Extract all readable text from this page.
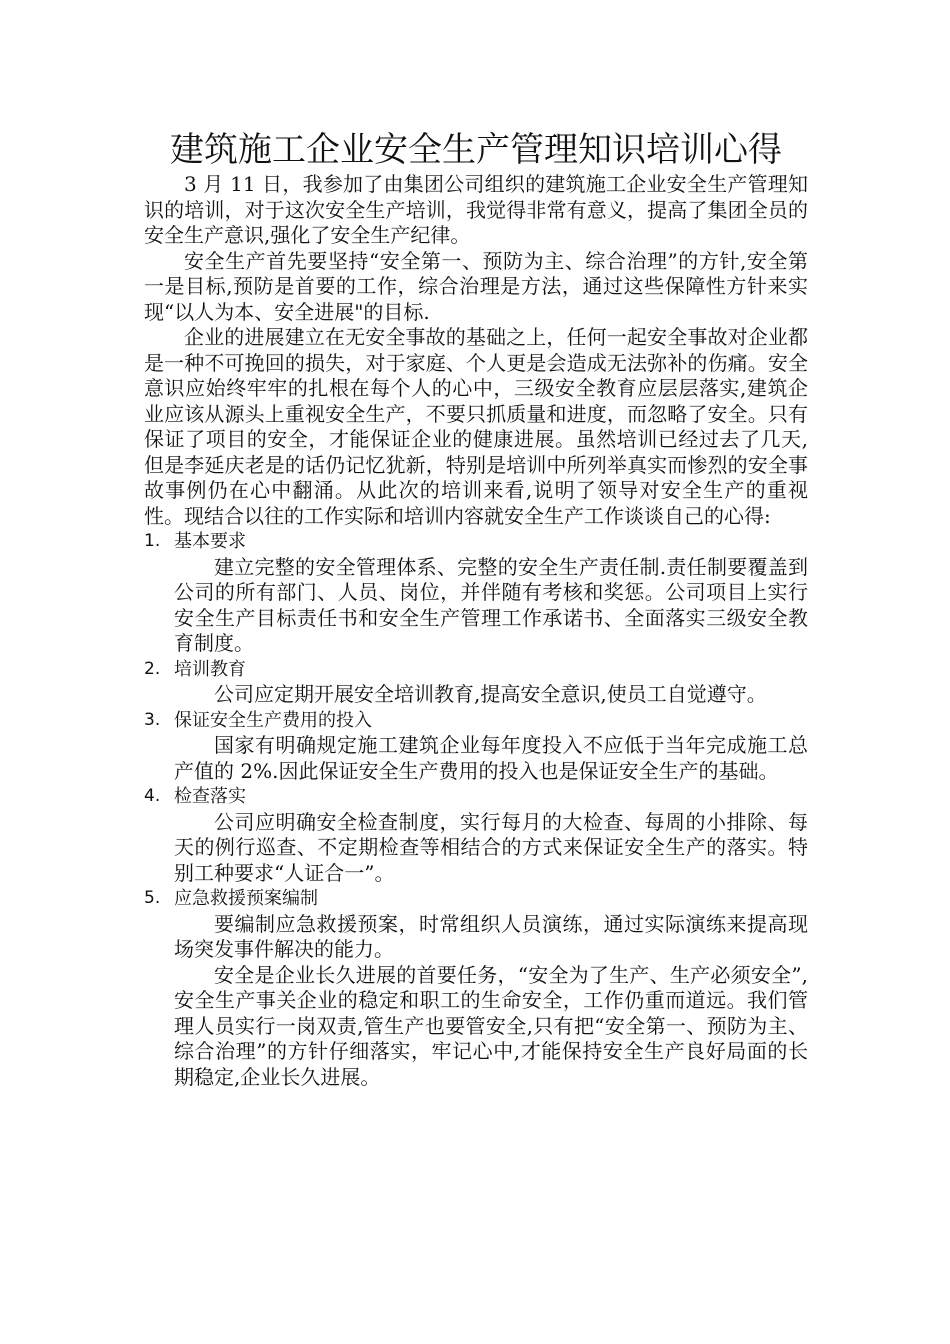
建筑施工企业安全生产管理知识培训心得

3 月 11 日，我参加了由集团公司组织的建筑施工企业安全生产管理知识的培训，对于这次安全生产培训，我觉得非常有意义，提高了集团全员的安全生产意识,强化了安全生产纪律。

安全生产首先要坚持“安全第一、预防为主、综合治理”的方针,安全第一是目标,预防是首要的工作，综合治理是方法，通过这些保障性方针来实现“以人为本、安全进展"的目标.

企业的进展建立在无安全事故的基础之上，任何一起安全事故对企业都是一种不可挽回的损失，对于家庭、个人更是会造成无法弥补的伤痛。安全意识应始终牢牢的扎根在每个人的心中，三级安全教育应层层落实,建筑企业应该从源头上重视安全生产，不要只抓质量和进度，而忽略了安全。只有保证了项目的安全，才能保证企业的健康进展。虽然培训已经过去了几天,但是李延庆老是的话仍记忆犹新，特别是培训中所列举真实而惨烈的安全事故事例仍在心中翻涌。从此次的培训来看,说明了领导对安全生产的重视性。现结合以往的工作实际和培训内容就安全生产工作谈谈自己的心得:

1. 基本要求

建立完整的安全管理体系、完整的安全生产责任制.责任制要覆盖到公司的所有部门、人员、岗位，并伴随有考核和奖惩。公司项目上实行安全生产目标责任书和安全生产管理工作承诺书、全面落实三级安全教育制度。

2. 培训教育

公司应定期开展安全培训教育,提高安全意识,使员工自觉遵守。

3. 保证安全生产费用的投入

国家有明确规定施工建筑企业每年度投入不应低于当年完成施工总产值的 2%.因此保证安全生产费用的投入也是保证安全生产的基础。

4. 检查落实

公司应明确安全检查制度，实行每月的大检查、每周的小排除、每天的例行巡查、不定期检查等相结合的方式来保证安全生产的落实。特别工种要求“人证合一”。

5. 应急救援预案编制

要编制应急救援预案，时常组织人员演练，通过实际演练来提高现场突发事件解决的能力。

安全是企业长久进展的首要任务，“安全为了生产、生产必须安全”,安全生产事关企业的稳定和职工的生命安全，工作仍重而道远。我们管理人员实行一岗双责,管生产也要管安全,只有把“安全第一、预防为主、综合治理”的方针仔细落实，牢记心中,才能保持安全生产良好局面的长期稳定,企业长久进展。
